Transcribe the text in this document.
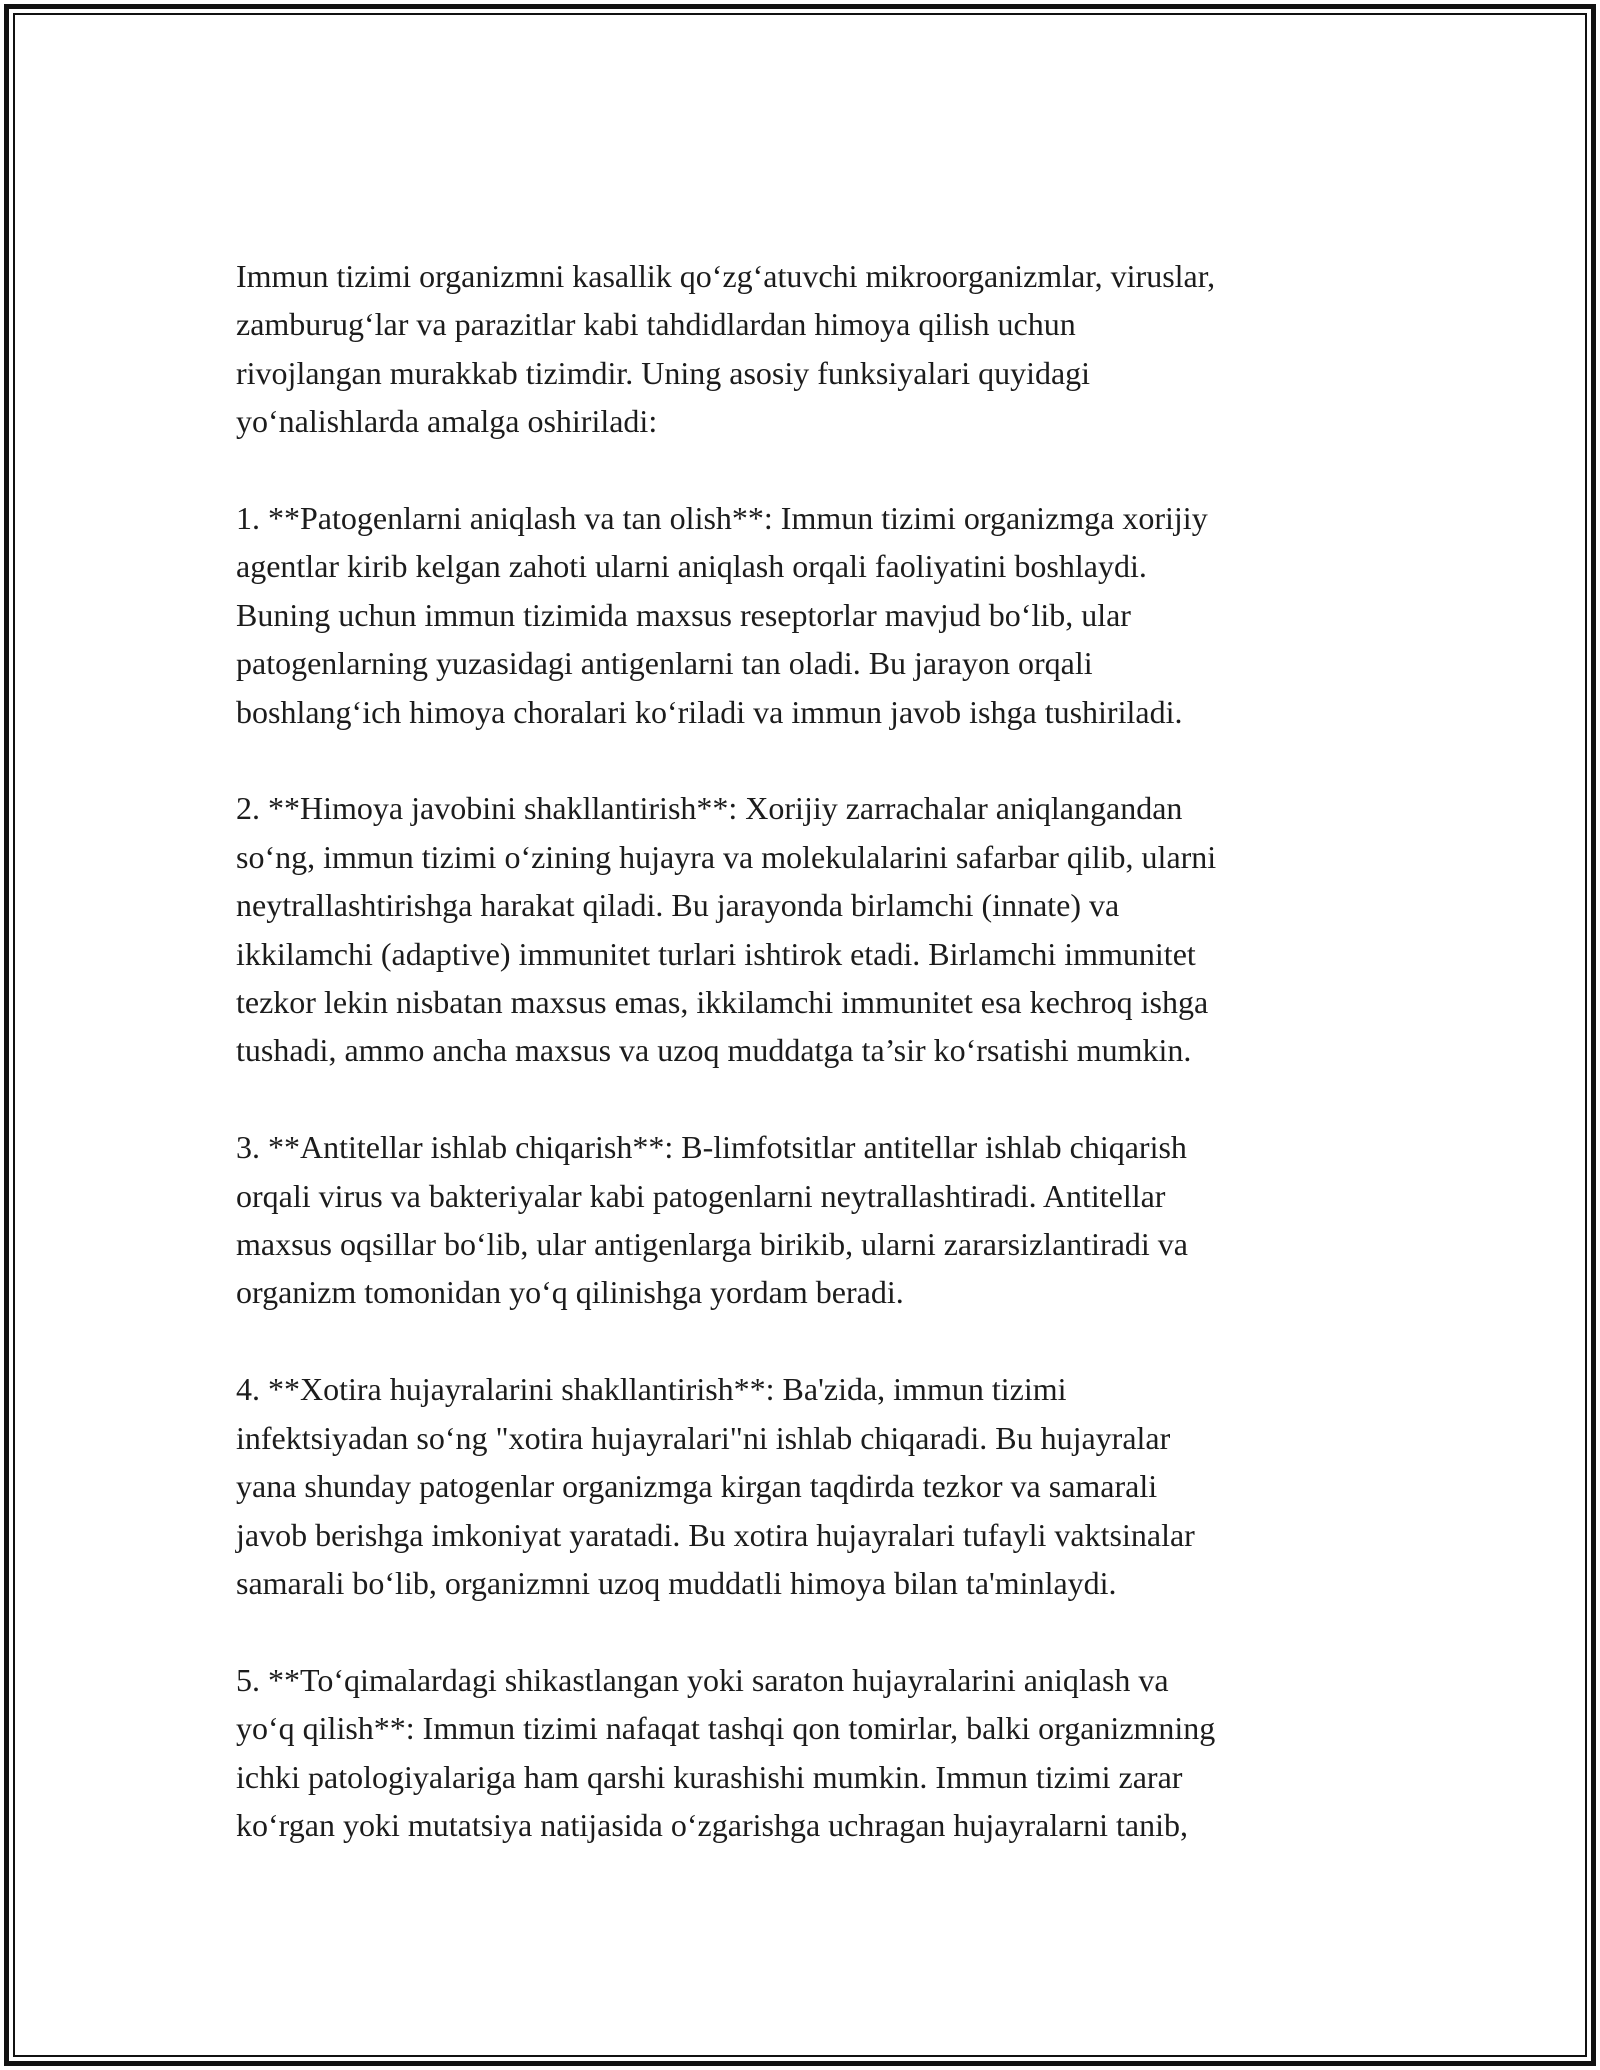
Immun tizimi organizmni kasallik qo‘zg‘atuvchi mikroorganizmlar, viruslar,
zamburug‘lar va parazitlar kabi tahdidlardan himoya qilish uchun
rivojlangan murakkab tizimdir. Uning asosiy funksiyalari quyidagi
yo‘nalishlarda amalga oshiriladi:

1. **Patogenlarni aniqlash va tan olish**: Immun tizimi organizmga xorijiy
agentlar kirib kelgan zahoti ularni aniqlash orqali faoliyatini boshlaydi.
Buning uchun immun tizimida maxsus reseptorlar mavjud bo‘lib, ular
patogenlarning yuzasidagi antigenlarni tan oladi. Bu jarayon orqali
boshlang‘ich himoya choralari ko‘riladi va immun javob ishga tushiriladi.

2. **Himoya javobini shakllantirish**: Xorijiy zarrachalar aniqlangandan
so‘ng, immun tizimi o‘zining hujayra va molekulalarini safarbar qilib, ularni
neytrallashtirishga harakat qiladi. Bu jarayonda birlamchi (innate) va
ikkilamchi (adaptive) immunitet turlari ishtirok etadi. Birlamchi immunitet
tezkor lekin nisbatan maxsus emas, ikkilamchi immunitet esa kechroq ishga
tushadi, ammo ancha maxsus va uzoq muddatga ta’sir ko‘rsatishi mumkin.

3. **Antitellar ishlab chiqarish**: B-limfotsitlar antitellar ishlab chiqarish
orqali virus va bakteriyalar kabi patogenlarni neytrallashtiradi. Antitellar
maxsus oqsillar bo‘lib, ular antigenlarga birikib, ularni zararsizlantiradi va
organizm tomonidan yo‘q qilinishga yordam beradi.

4. **Xotira hujayralarini shakllantirish**: Ba'zida, immun tizimi
infektsiyadan so‘ng "xotira hujayralari"ni ishlab chiqaradi. Bu hujayralar
yana shunday patogenlar organizmga kirgan taqdirda tezkor va samarali
javob berishga imkoniyat yaratadi. Bu xotira hujayralari tufayli vaktsinalar
samarali bo‘lib, organizmni uzoq muddatli himoya bilan ta'minlaydi.

5. **To‘qimalardagi shikastlangan yoki saraton hujayralarini aniqlash va
yo‘q qilish**: Immun tizimi nafaqat tashqi qon tomirlar, balki organizmning
ichki patologiyalariga ham qarshi kurashishi mumkin. Immun tizimi zarar
ko‘rgan yoki mutatsiya natijasida o‘zgarishga uchragan hujayralarni tanib,
